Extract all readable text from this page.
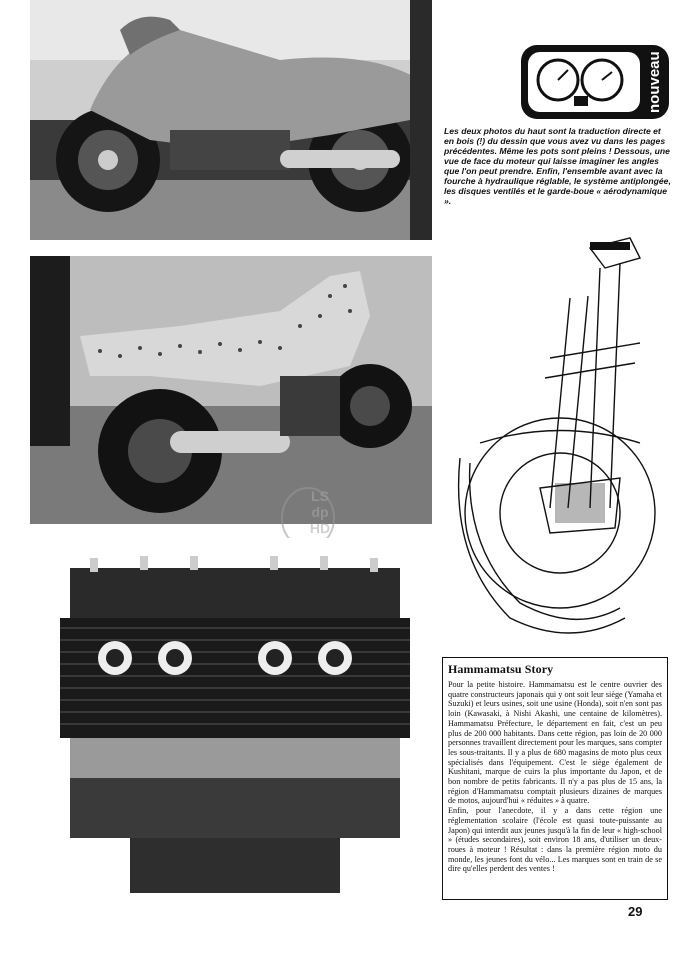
nouveau

Les deux photos du haut sont la traduction directe et en bois (!) du dessin que vous avez vu dans les pages précédentes. Même les pots sont pleins ! Dessous, une vue de face du moteur qui laisse imaginer les angles que l'on peut prendre. Enfin, l'ensemble avant avec la fourche à hydraulique réglable, le système antiplongée, les disques ventilés et le garde-boue « aérodynamique ».

LS
dp
HD
Hammamatsu Story

Pour la petite histoire. Hammamatsu est le centre ouvrier des quatre constructeurs japonais qui y ont soit leur siège (Yamaha et Suzuki) et leurs usines, soit une usine (Honda), soit n'en sont pas loin (Kawasaki, à Nishi Akashi, une centaine de kilomètres). Hammamatsu Préfecture, le département en fait, c'est un peu plus de 200 000 habitants. Dans cette région, pas loin de 20 000 personnes travaillent directement pour les marques, sans compter les sous-traitants. Il y a plus de 680 magasins de moto plus ceux spécialisés dans l'équipement. C'est le siège également de Kushitani, marque de cuirs la plus importante du Japon, et de bon nombre de petits fabricants. Il n'y a pas plus de 15 ans, la région d'Hammamatsu comptait plusieurs dizaines de marques de motos, aujourd'hui « réduites » à quatre.

Enfin, pour l'anecdote, il y a dans cette région une réglementation scolaire (l'école est quasi toute-puissante au Japon) qui interdit aux jeunes jusqu'à la fin de leur « high-school » (études secondaires), soit environ 18 ans, d'utiliser un deux-roues à moteur ! Résultat : dans la première région moto du monde, les jeunes font du vélo... Les marques sont en train de se dire qu'elles perdent des ventes !

29
